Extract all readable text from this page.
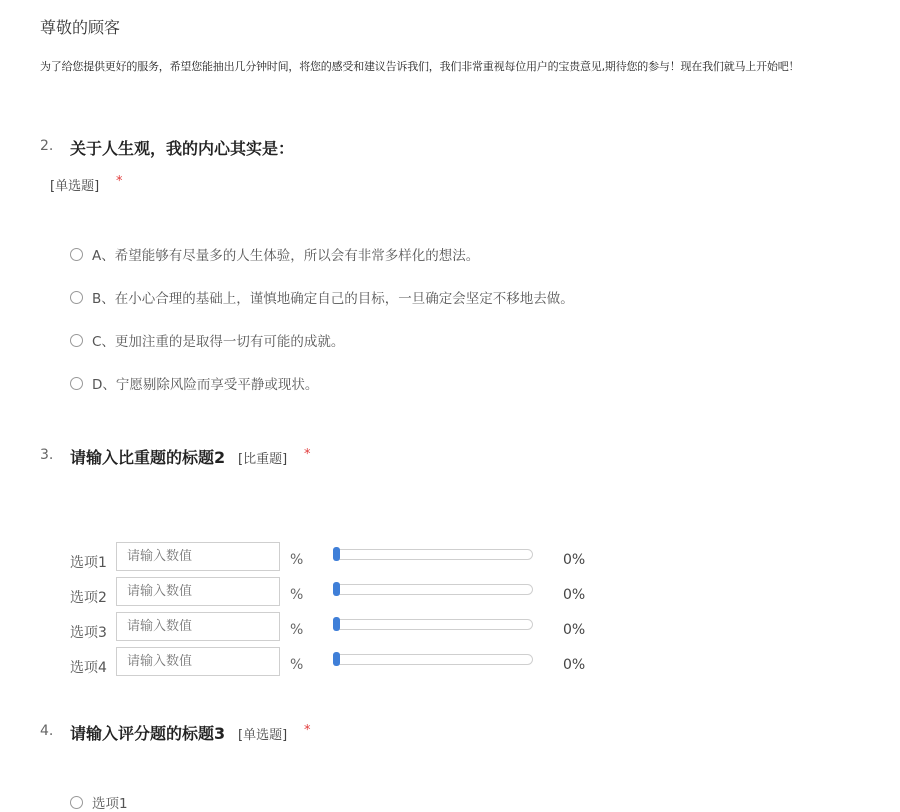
尊敬的顾客
为了给您提供更好的服务，希望您能抽出几分钟时间，将您的感受和建议告诉我们，我们非常重视每位用户的宝贵意见,期待您的参与！现在我们就马上开始吧！
2. 关于人生观，我的内心其实是：
[单选题] *
A、希望能够有尽量多的人生体验，所以会有非常多样化的想法。
B、在小心合理的基础上，谨慎地确定自己的目标，一旦确定会坚定不移地去做。
C、更加注重的是取得一切有可能的成就。
D、宁愿剔除风险而享受平静或现状。
3. 请输入比重题的标题2 [比重题] *
选项1
请输入数值	%	0%
选项2
请输入数值	%	0%
选项3
请输入数值	%	0%
选项4
请输入数值	%	0%
4. 请输入评分题的标题3 [单选题] *
选项1
